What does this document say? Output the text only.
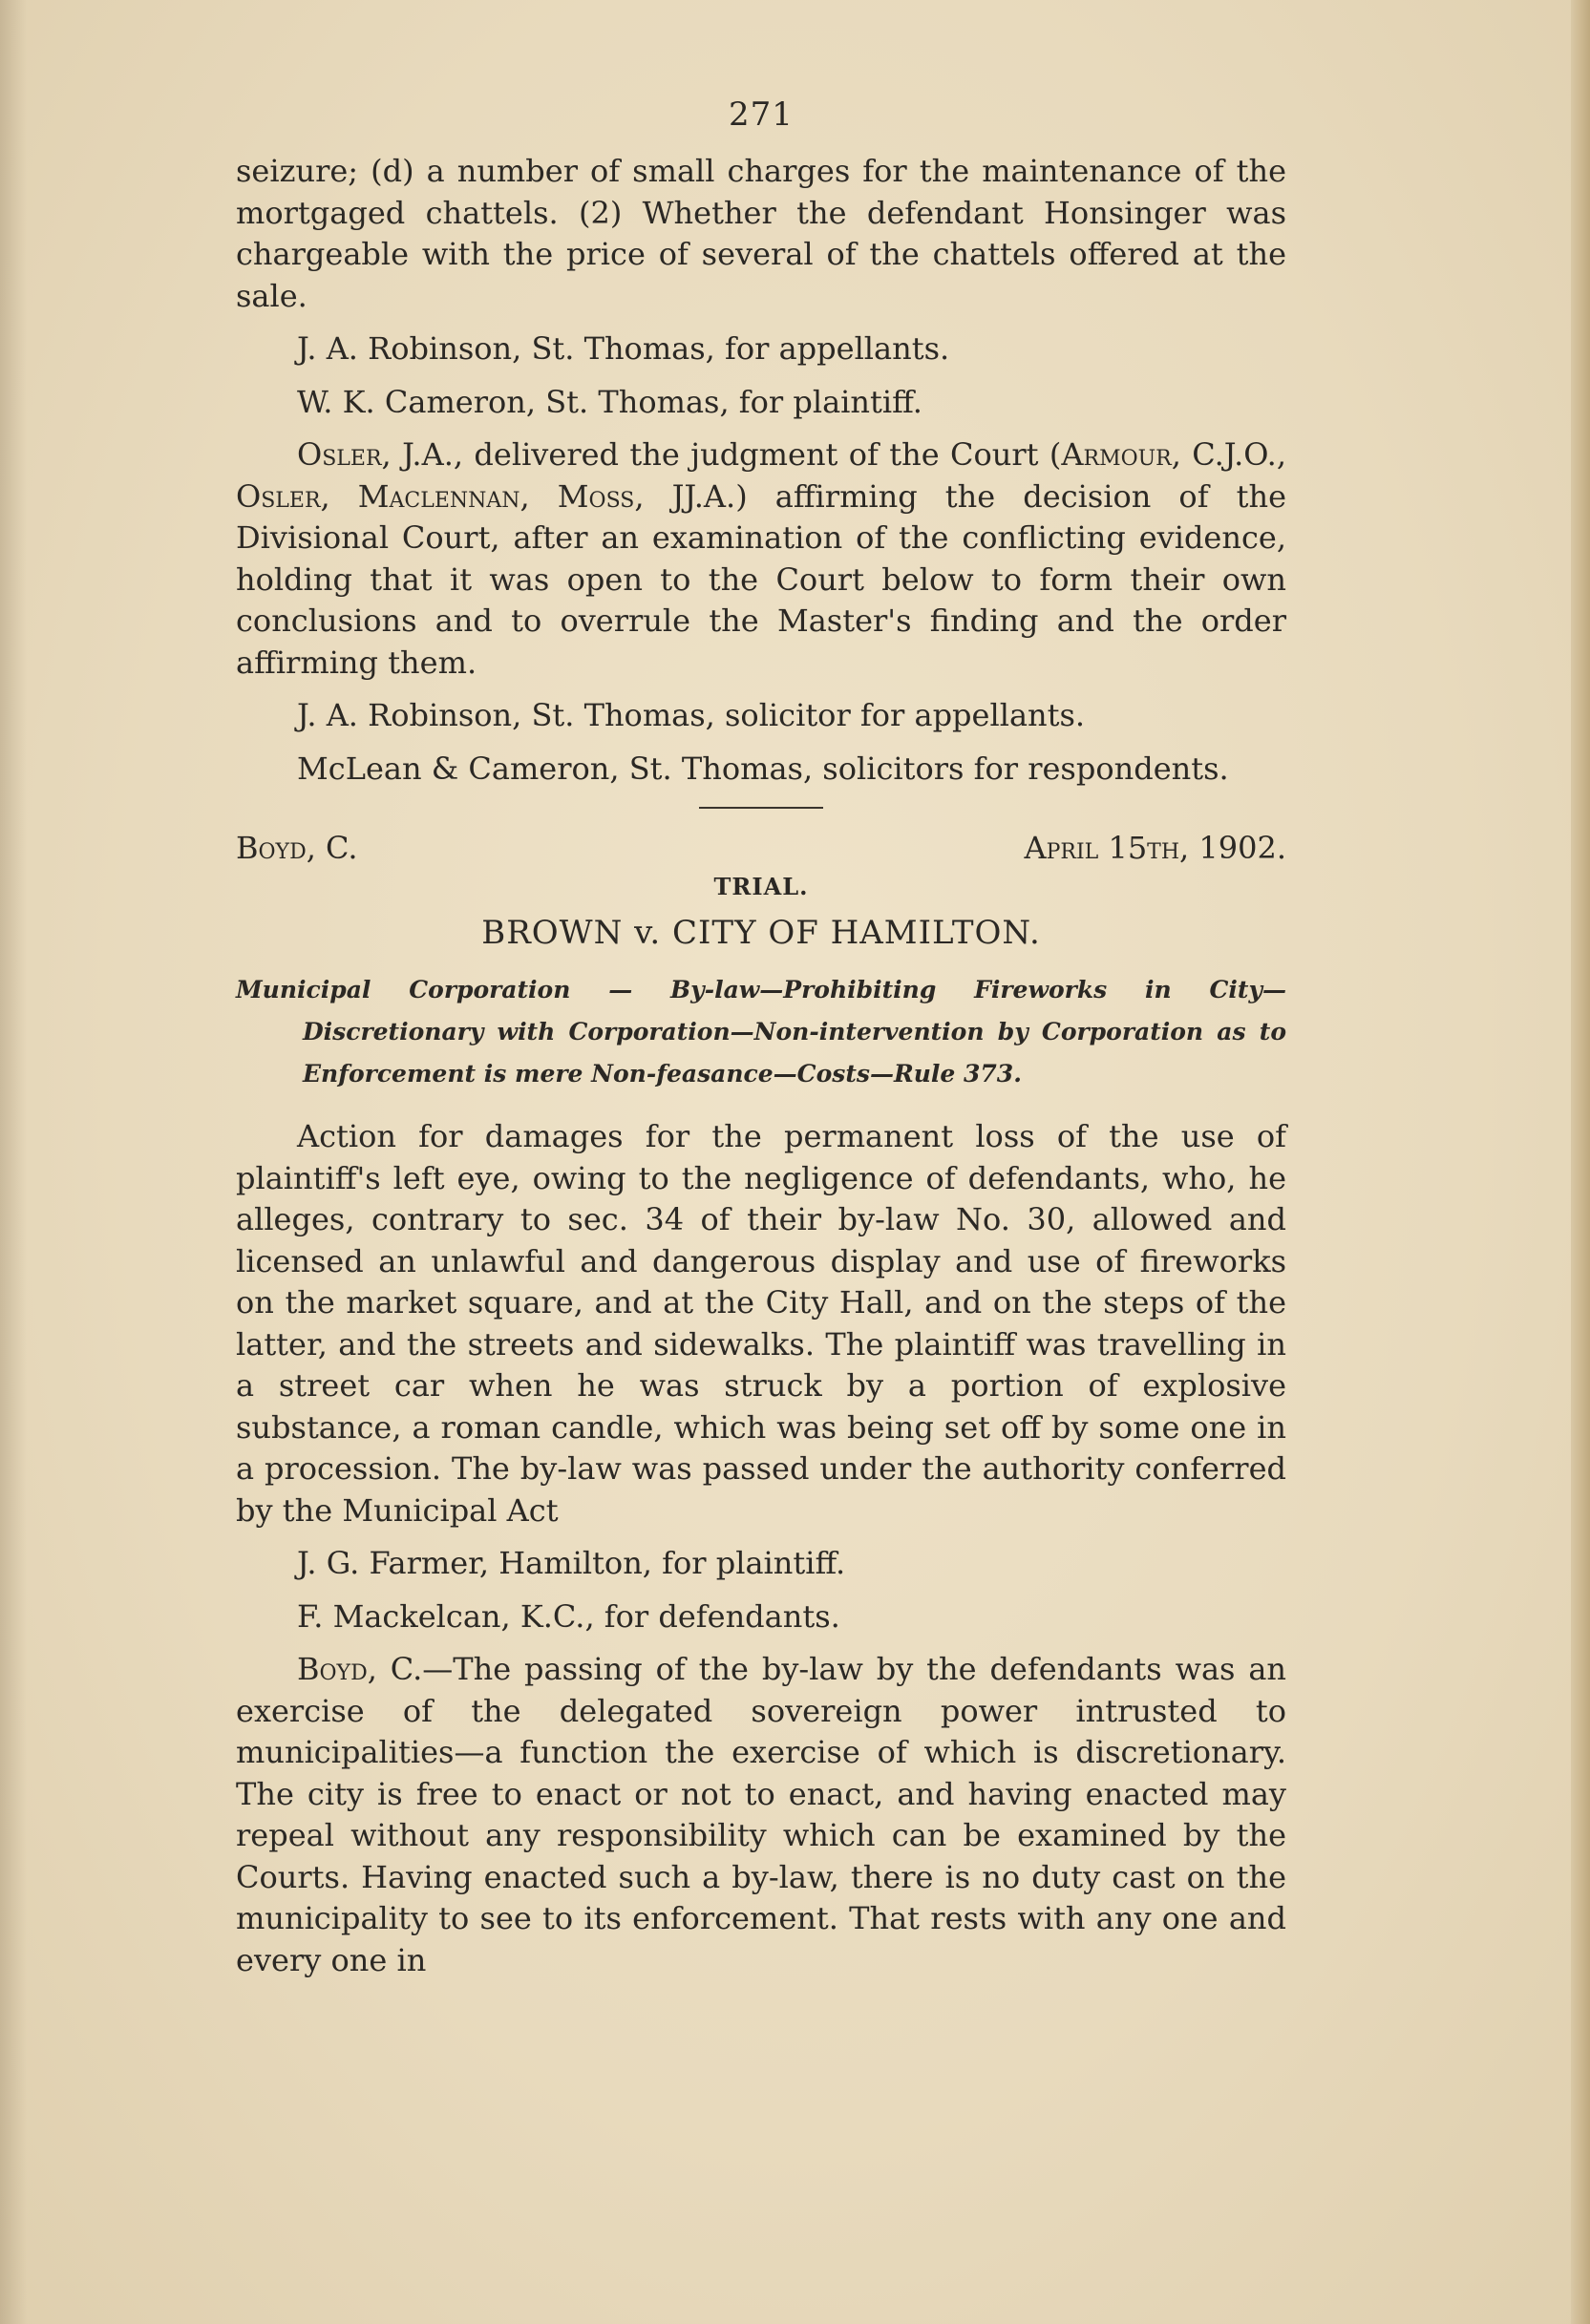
271

seizure; (d) a number of small charges for the maintenance of the mortgaged chattels. (2) Whether the defendant Honsinger was chargeable with the price of several of the chattels offered at the sale.

J. A. Robinson, St. Thomas, for appellants.

W. K. Cameron, St. Thomas, for plaintiff.

Osler, J.A., delivered the judgment of the Court (Armour, C.J.O., Osler, Maclennan, Moss, JJ.A.) affirming the decision of the Divisional Court, after an examination of the conflicting evidence, holding that it was open to the Court below to form their own conclusions and to overrule the Master's finding and the order affirming them.

J. A. Robinson, St. Thomas, solicitor for appellants.

McLean & Cameron, St. Thomas, solicitors for respondents.

Boyd, C.	April 15th, 1902.
TRIAL.
BROWN v. CITY OF HAMILTON.
Municipal Corporation — By-law—Prohibiting Fireworks in City—Discretionary with Corporation—Non-intervention by Corporation as to Enforcement is mere Non-feasance—Costs—Rule 373.

Action for damages for the permanent loss of the use of plaintiff's left eye, owing to the negligence of defendants, who, he alleges, contrary to sec. 34 of their by-law No. 30, allowed and licensed an unlawful and dangerous display and use of fireworks on the market square, and at the City Hall, and on the steps of the latter, and the streets and sidewalks. The plaintiff was travelling in a street car when he was struck by a portion of explosive substance, a roman candle, which was being set off by some one in a procession. The by-law was passed under the authority conferred by the Municipal Act

J. G. Farmer, Hamilton, for plaintiff.

F. Mackelcan, K.C., for defendants.

Boyd, C.—The passing of the by-law by the defendants was an exercise of the delegated sovereign power intrusted to municipalities—a function the exercise of which is discretionary. The city is free to enact or not to enact, and having enacted may repeal without any responsibility which can be examined by the Courts. Having enacted such a by-law, there is no duty cast on the municipality to see to its enforcement. That rests with any one and every one in
